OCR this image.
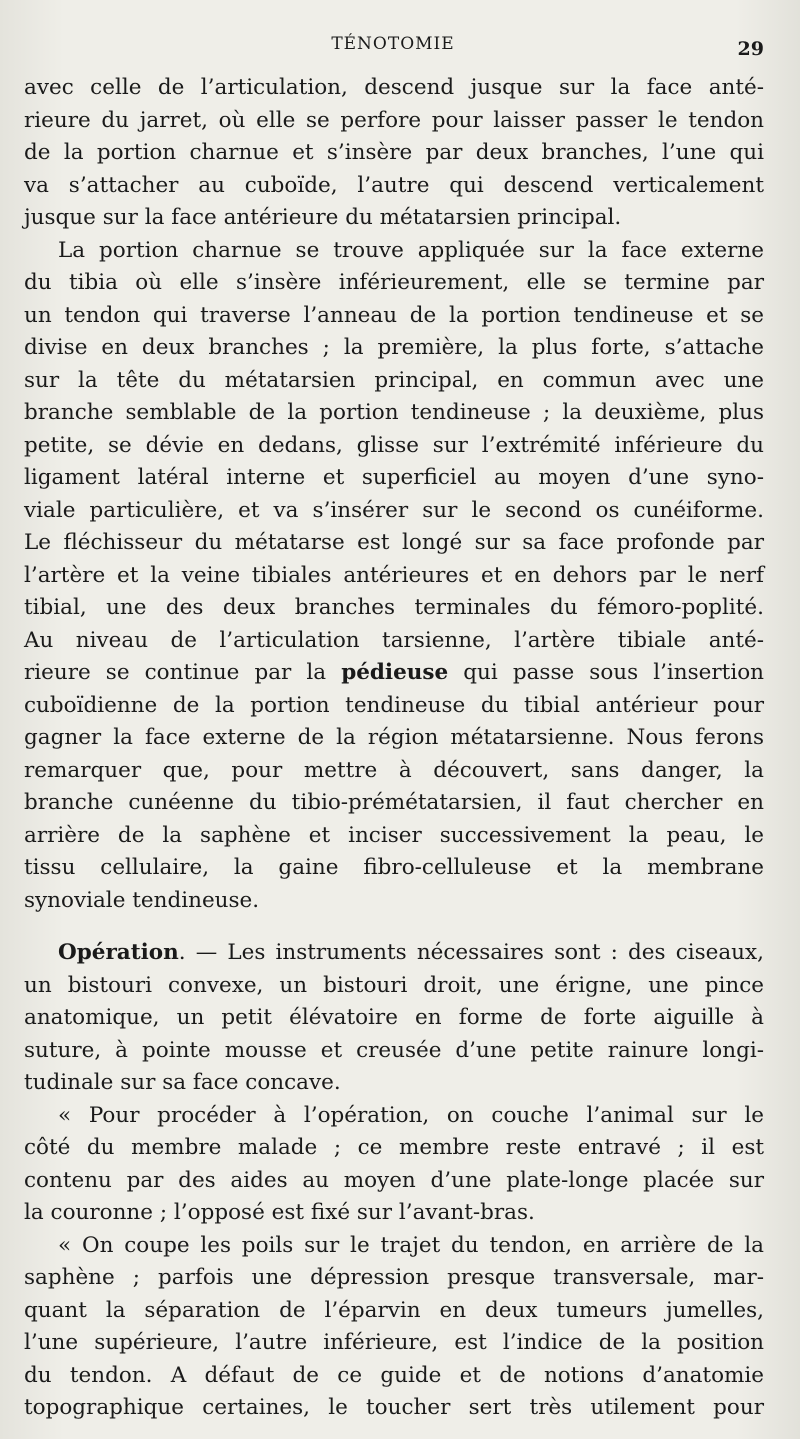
TÉNOTOMIE	29
avec celle de l’articulation, descend jusque sur la face anté-
rieure du jarret, où elle se perfore pour laisser passer le tendon
de la portion charnue et s’insère par deux branches, l’une qui
va s’attacher au cuboïde, l’autre qui descend verticalement
jusque sur la face antérieure du métatarsien principal.
La portion charnue se trouve appliquée sur la face externe
du tibia où elle s’insère inférieurement, elle se termine par
un tendon qui traverse l’anneau de la portion tendineuse et se
divise en deux branches ; la première, la plus forte, s’attache
sur la tête du métatarsien principal, en commun avec une
branche semblable de la portion tendineuse ; la deuxième, plus
petite, se dévie en dedans, glisse sur l’extrémité inférieure du
ligament latéral interne et superficiel au moyen d’une syno-
viale particulière, et va s’insérer sur le second os cunéiforme.
Le fléchisseur du métatarse est longé sur sa face profonde par
l’artère et la veine tibiales antérieures et en dehors par le nerf
tibial, une des deux branches terminales du fémoro-poplité.
Au niveau de l’articulation tarsienne, l’artère tibiale anté-
rieure se continue par la pédieuse qui passe sous l’insertion
cuboïdienne de la portion tendineuse du tibial antérieur pour
gagner la face externe de la région métatarsienne. Nous ferons
remarquer que, pour mettre à découvert, sans danger, la
branche cunéenne du tibio-prémétatarsien, il faut chercher en
arrière de la saphène et inciser successivement la peau, le
tissu cellulaire, la gaine fibro-celluleuse et la membrane
synoviale tendineuse.
Opération. — Les instruments nécessaires sont : des ciseaux,
un bistouri convexe, un bistouri droit, une érigne, une pince
anatomique, un petit élévatoire en forme de forte aiguille à
suture, à pointe mousse et creusée d’une petite rainure longi-
tudinale sur sa face concave.
« Pour procéder à l’opération, on couche l’animal sur le
côté du membre malade ; ce membre reste entravé ; il est
contenu par des aides au moyen d’une plate-longe placée sur
la couronne ; l’opposé est fixé sur l’avant-bras.
« On coupe les poils sur le trajet du tendon, en arrière de la
saphène ; parfois une dépression presque transversale, mar-
quant la séparation de l’éparvin en deux tumeurs jumelles,
l’une supérieure, l’autre inférieure, est l’indice de la position
du tendon. A défaut de ce guide et de notions d’anatomie
topographique certaines, le toucher sert très utilement pour
